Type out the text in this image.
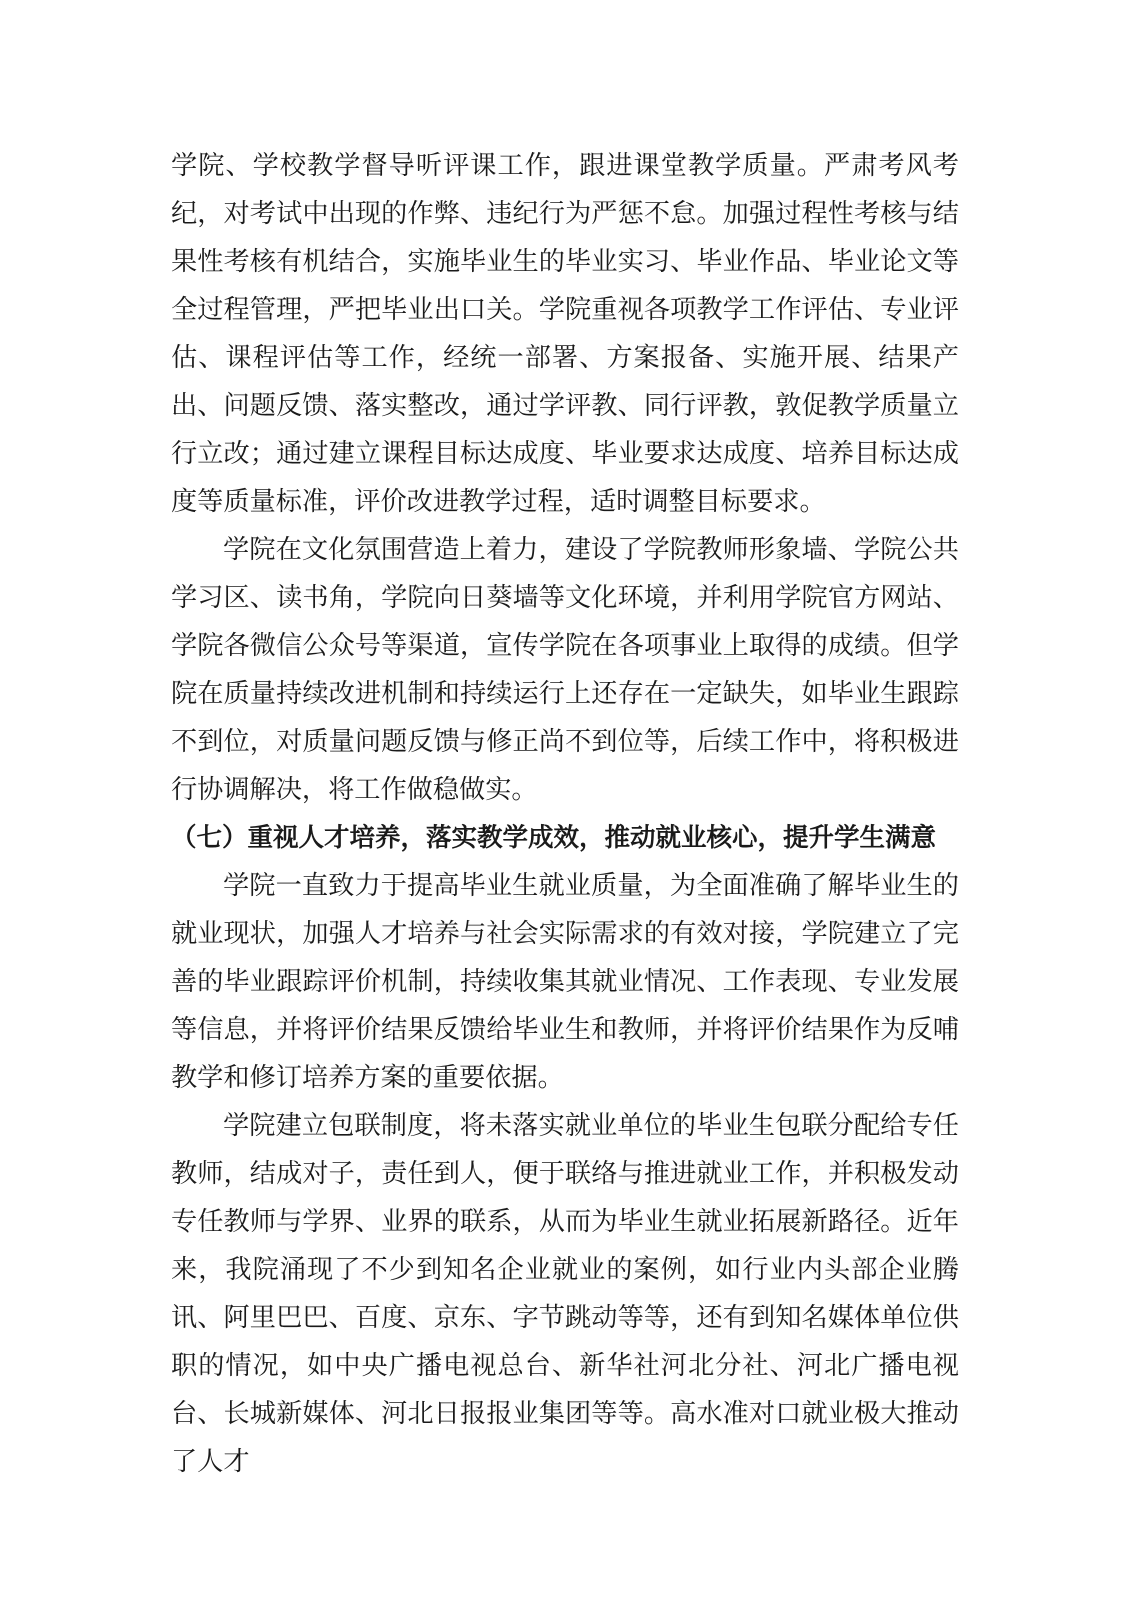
学院、学校教学督导听评课工作，跟进课堂教学质量。严肃考风考纪，对考试中出现的作弊、违纪行为严惩不怠。加强过程性考核与结果性考核有机结合，实施毕业生的毕业实习、毕业作品、毕业论文等全过程管理，严把毕业出口关。学院重视各项教学工作评估、专业评估、课程评估等工作，经统一部署、方案报备、实施开展、结果产出、问题反馈、落实整改，通过学评教、同行评教，敦促教学质量立行立改；通过建立课程目标达成度、毕业要求达成度、培养目标达成度等质量标准，评价改进教学过程，适时调整目标要求。

学院在文化氛围营造上着力，建设了学院教师形象墙、学院公共学习区、读书角，学院向日葵墙等文化环境，并利用学院官方网站、学院各微信公众号等渠道，宣传学院在各项事业上取得的成绩。但学院在质量持续改进机制和持续运行上还存在一定缺失，如毕业生跟踪不到位，对质量问题反馈与修正尚不到位等，后续工作中，将积极进行协调解决，将工作做稳做实。

（七）重视人才培养，落实教学成效，推动就业核心，提升学生满意

学院一直致力于提高毕业生就业质量，为全面准确了解毕业生的就业现状，加强人才培养与社会实际需求的有效对接，学院建立了完善的毕业跟踪评价机制，持续收集其就业情况、工作表现、专业发展等信息，并将评价结果反馈给毕业生和教师，并将评价结果作为反哺教学和修订培养方案的重要依据。

学院建立包联制度，将未落实就业单位的毕业生包联分配给专任教师，结成对子，责任到人，便于联络与推进就业工作，并积极发动专任教师与学界、业界的联系，从而为毕业生就业拓展新路径。近年来，我院涌现了不少到知名企业就业的案例，如行业内头部企业腾讯、阿里巴巴、百度、京东、字节跳动等等，还有到知名媒体单位供职的情况，如中央广播电视总台、新华社河北分社、河北广播电视台、长城新媒体、河北日报报业集团等等。高水准对口就业极大推动了人才
